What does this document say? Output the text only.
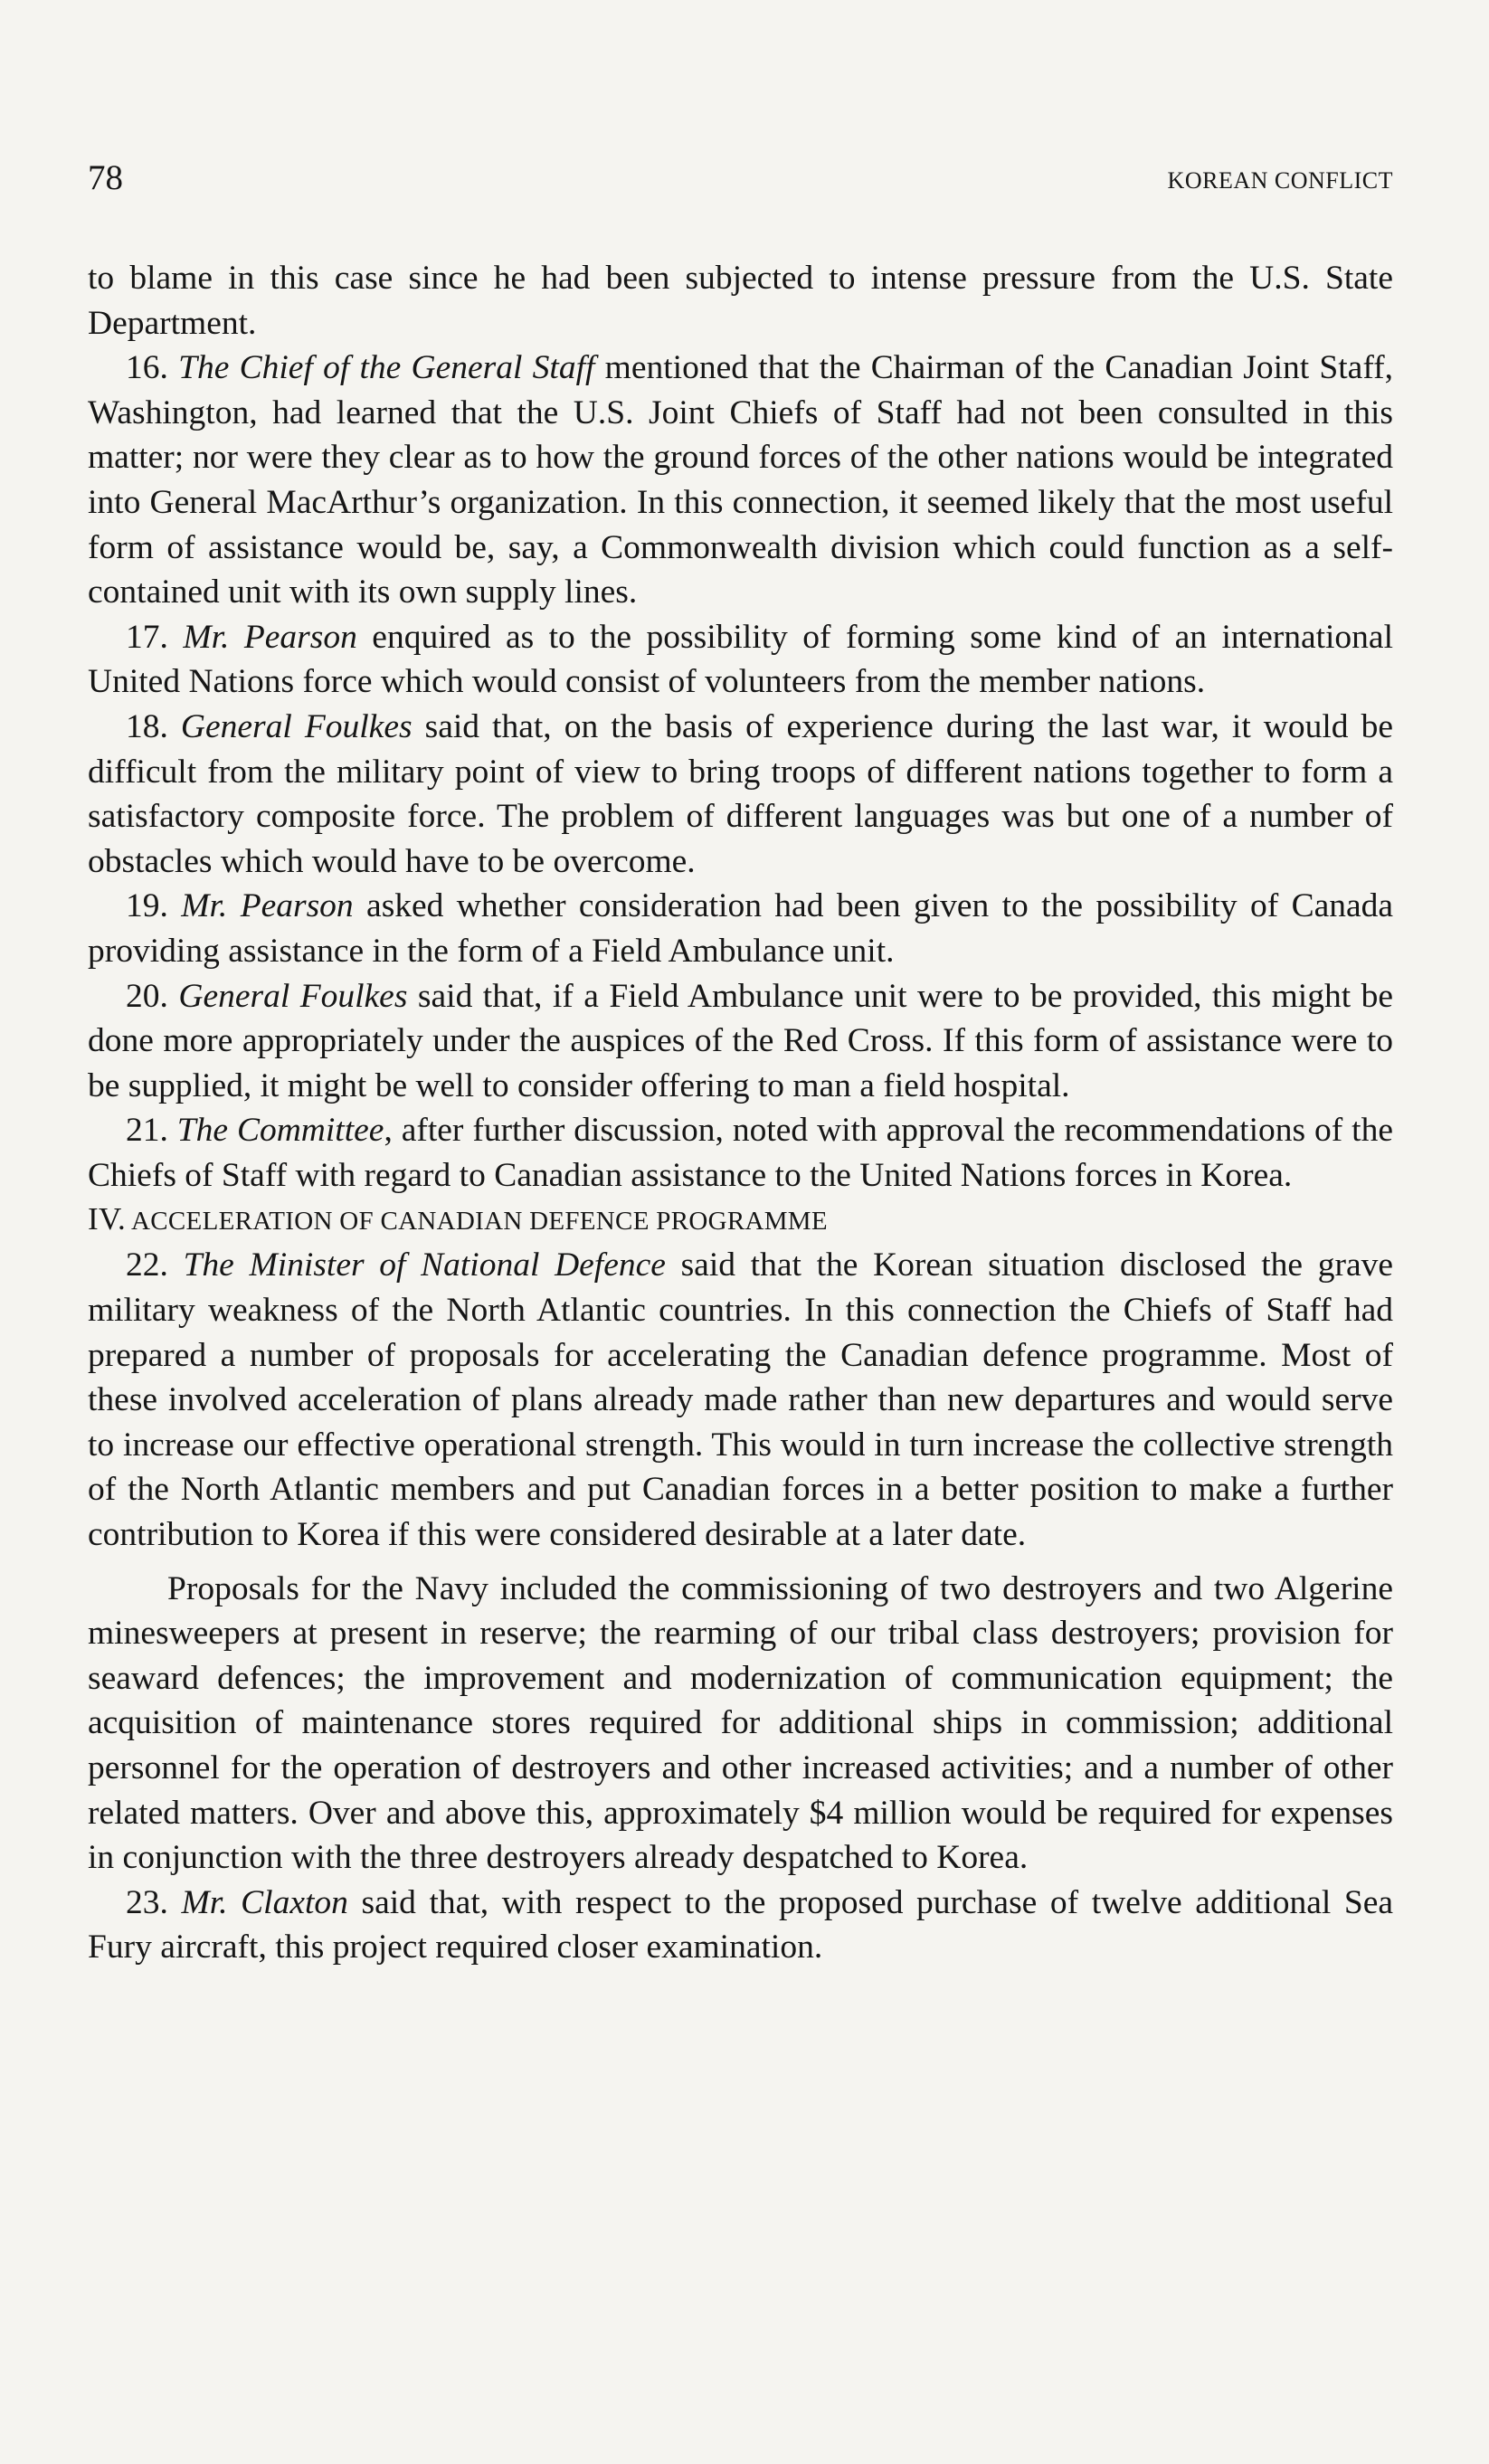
78	KOREAN CONFLICT

to blame in this case since he had been subjected to intense pressure from the U.S. State Department.

16. The Chief of the General Staff mentioned that the Chairman of the Canadian Joint Staff, Washington, had learned that the U.S. Joint Chiefs of Staff had not been consulted in this matter; nor were they clear as to how the ground forces of the other nations would be integrated into General MacArthur’s organization. In this connection, it seemed likely that the most useful form of assistance would be, say, a Commonwealth division which could function as a self-contained unit with its own supply lines.

17. Mr. Pearson enquired as to the possibility of forming some kind of an international United Nations force which would consist of volunteers from the member nations.

18. General Foulkes said that, on the basis of experience during the last war, it would be difficult from the military point of view to bring troops of different nations together to form a satisfactory composite force. The problem of different languages was but one of a number of obstacles which would have to be overcome.

19. Mr. Pearson asked whether consideration had been given to the possibility of Canada providing assistance in the form of a Field Ambulance unit.

20. General Foulkes said that, if a Field Ambulance unit were to be provided, this might be done more appropriately under the auspices of the Red Cross. If this form of assistance were to be supplied, it might be well to consider offering to man a field hospital.

21. The Committee, after further discussion, noted with approval the recommendations of the Chiefs of Staff with regard to Canadian assistance to the United Nations forces in Korea.

IV. ACCELERATION OF CANADIAN DEFENCE PROGRAMME

22. The Minister of National Defence said that the Korean situation disclosed the grave military weakness of the North Atlantic countries. In this connection the Chiefs of Staff had prepared a number of proposals for accelerating the Canadian defence programme. Most of these involved acceleration of plans already made rather than new departures and would serve to increase our effective operational strength. This would in turn increase the collective strength of the North Atlantic members and put Canadian forces in a better position to make a further contribution to Korea if this were considered desirable at a later date.

Proposals for the Navy included the commissioning of two destroyers and two Algerine minesweepers at present in reserve; the rearming of our tribal class destroyers; provision for seaward defences; the improvement and modernization of communication equipment; the acquisition of maintenance stores required for additional ships in commission; additional personnel for the operation of destroyers and other increased activities; and a number of other related matters. Over and above this, approximately $4 million would be required for expenses in conjunction with the three destroyers already despatched to Korea.

23. Mr. Claxton said that, with respect to the proposed purchase of twelve additional Sea Fury aircraft, this project required closer examination.
